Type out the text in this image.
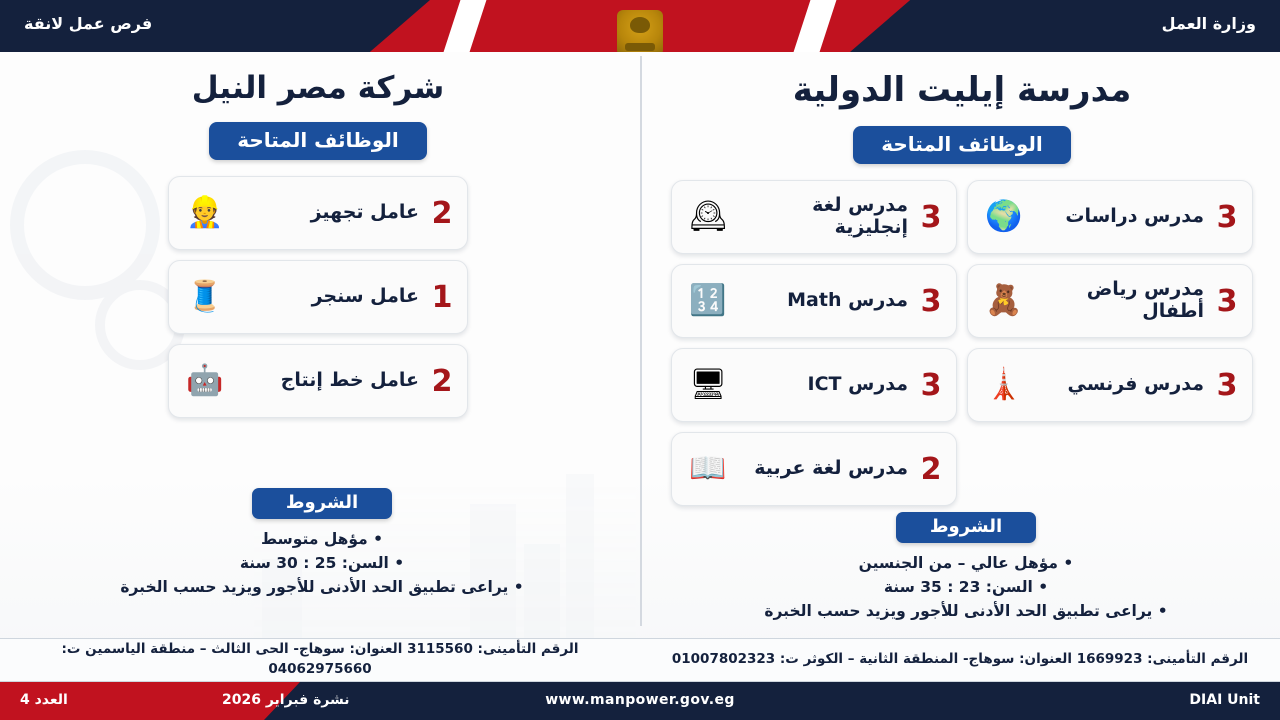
وزارة العمل
فرص عمل لانقة
مدرسة إيليت الدولية
الوظائف المتاحة
3
مدرس دراسات
🌍
3
مدرس لغة إنجليزية
🕰
3
مدرس رياض أطفال
🧸
3
مدرس Math
🔢
3
مدرس فرنسي
🗼
3
مدرس ICT
🖥
2
مدرس لغة عربية
📖
الشروط
• مؤهل عالي – من الجنسين
• السن: 23 : 35 سنة
• يراعى تطبيق الحد الأدنى للأجور ويزيد حسب الخبرة
شركة مصر النيل
الوظائف المتاحة
2
عامل تجهيز
👷
1
عامل سنجر
🧵
2
عامل خط إنتاج
🤖
الشروط
• مؤهل متوسط
• السن: 25 : 30 سنة
• يراعى تطبيق الحد الأدنى للأجور ويزيد حسب الخبرة
الرقم التأمينى: 1669923 العنوان: سوهاج- المنطقة الثانية – الكوثر ت: 01007802323
الرقم التأمينى: 3115560 العنوان: سوهاج- الحى الثالث – منطقة الياسمين ت: 04062975660
العدد 4	نشرة فبراير 2026	www.manpower.gov.eg	DIAI Unit
